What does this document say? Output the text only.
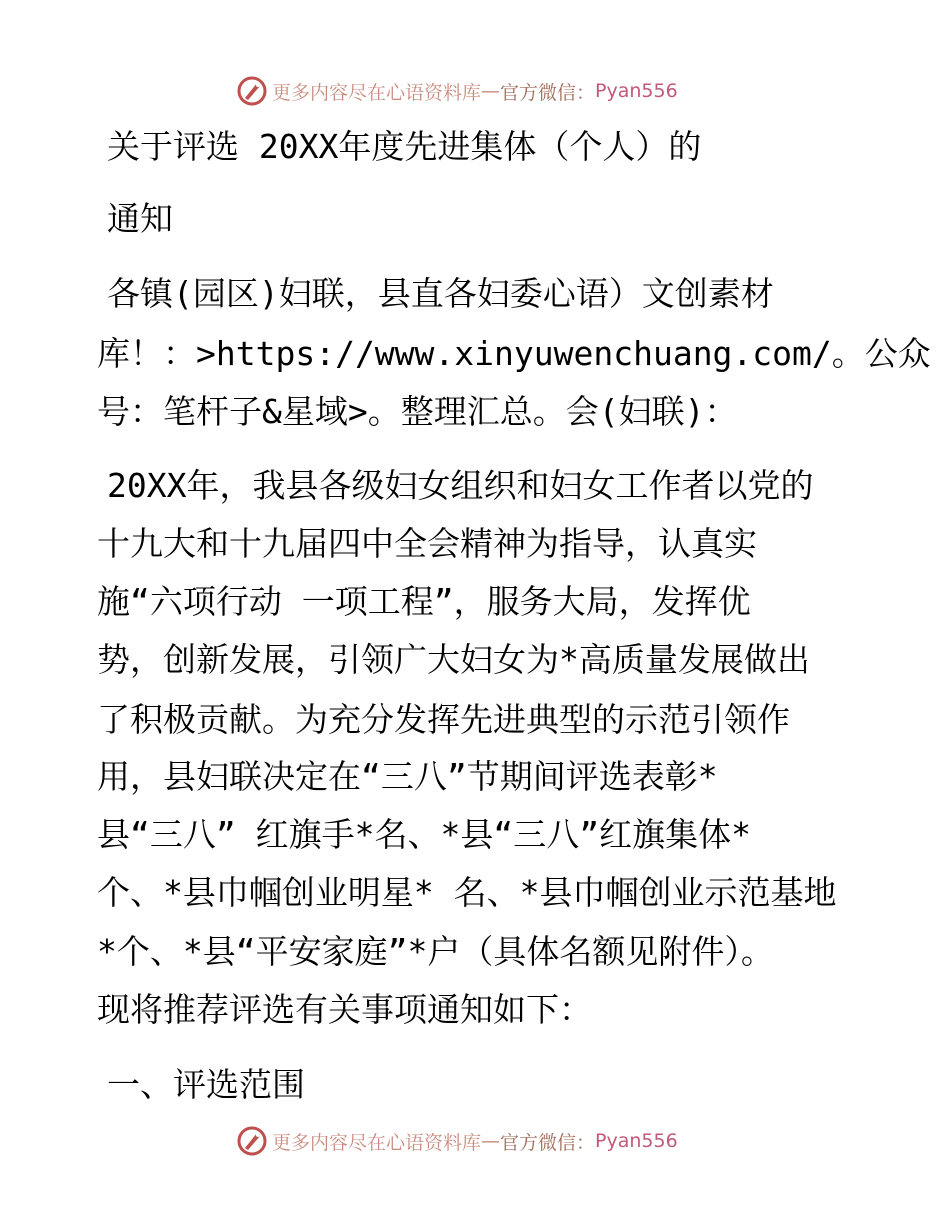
更多内容尽在心语资料库 — 官方微信： Pyan556
关于评选 20XX年度先进集体（个人）的
通知
各镇(园区)妇联，县直各妇委心语）文创素材
库！：>https://www.xinyuwenchuang.com/。公众
号：笔杆子&星域>。整理汇总。会(妇联)：
20XX年，我县各级妇女组织和妇女工作者以党的
十九大和十九届四中全会精神为指导，认真实
施“六项行动 一项工程”，服务大局，发挥优
势，创新发展，引领广大妇女为*高质量发展做出
了积极贡献。为充分发挥先进典型的示范引领作
用，县妇联决定在“三八”节期间评选表彰*
县“三八” 红旗手*名、*县“三八”红旗集体*
个、*县巾帼创业明星* 名、*县巾帼创业示范基地
*个、*县“平安家庭”*户（具体名额见附件）。
现将推荐评选有关事项通知如下：
一、评选范围
更多内容尽在心语资料库 — 官方微信： Pyan556
